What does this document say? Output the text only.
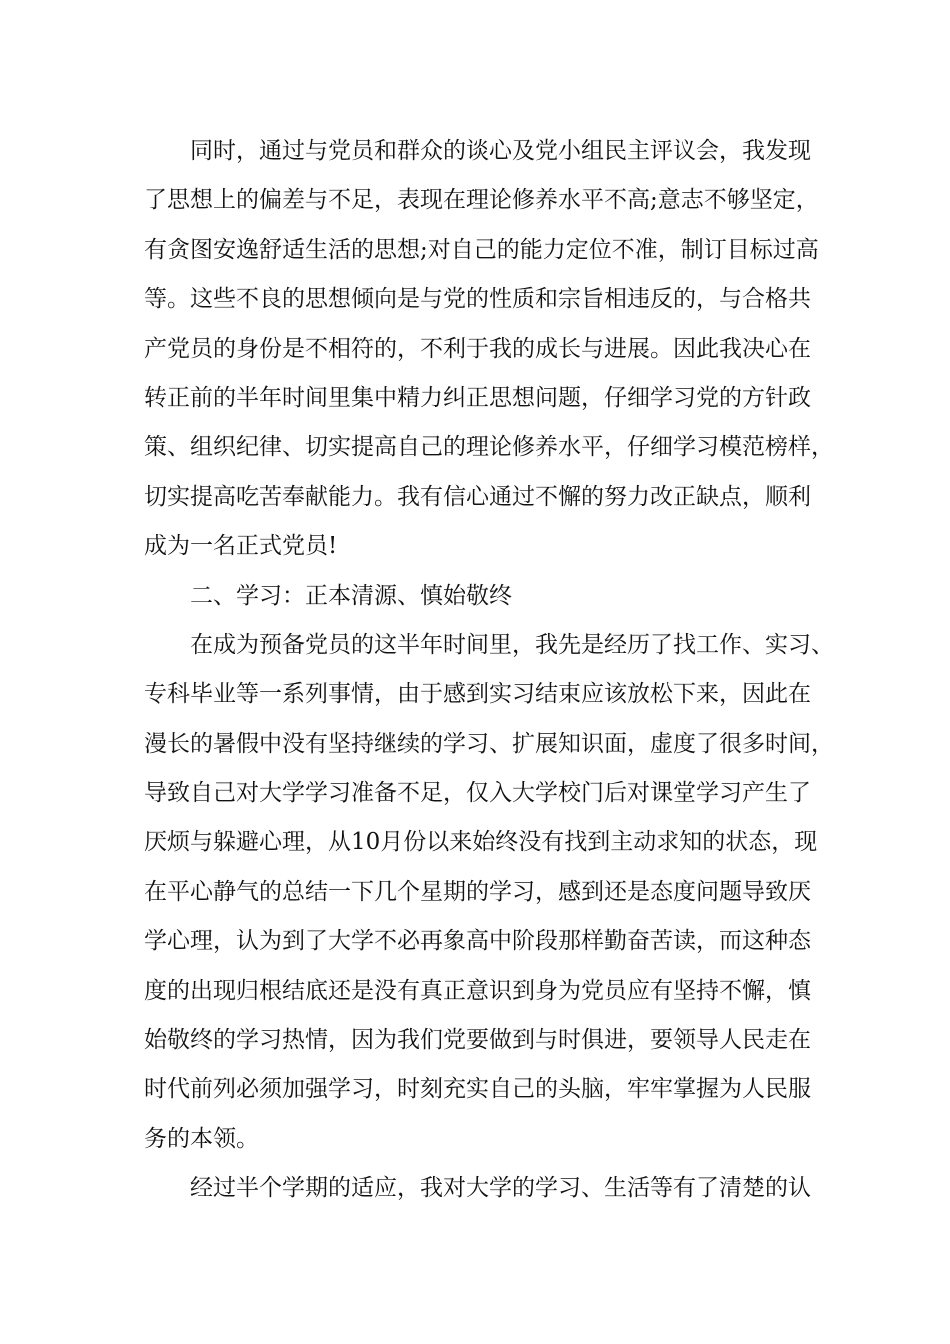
同时，通过与党员和群众的谈心及党小组民主评议会，我发现
了思想上的偏差与不足，表现在理论修养水平不高;意志不够坚定，
有贪图安逸舒适生活的思想;对自己的能力定位不准，制订目标过高
等。这些不良的思想倾向是与党的性质和宗旨相违反的，与合格共
产党员的身份是不相符的，不利于我的成长与进展。因此我决心在
转正前的半年时间里集中精力纠正思想问题，仔细学习党的方针政
策、组织纪律、切实提高自己的理论修养水平，仔细学习模范榜样，
切实提高吃苦奉献能力。我有信心通过不懈的努力改正缺点，顺利
成为一名正式党员!
二、学习：正本清源、慎始敬终
在成为预备党员的这半年时间里，我先是经历了找工作、实习、
专科毕业等一系列事情，由于感到实习结束应该放松下来，因此在
漫长的暑假中没有坚持继续的学习、扩展知识面，虚度了很多时间，
导致自己对大学学习准备不足，仅入大学校门后对课堂学习产生了
厌烦与躲避心理，从10月份以来始终没有找到主动求知的状态，现
在平心静气的总结一下几个星期的学习，感到还是态度问题导致厌
学心理，认为到了大学不必再象高中阶段那样勤奋苦读，而这种态
度的出现归根结底还是没有真正意识到身为党员应有坚持不懈，慎
始敬终的学习热情，因为我们党要做到与时俱进，要领导人民走在
时代前列必须加强学习，时刻充实自己的头脑，牢牢掌握为人民服
务的本领。
经过半个学期的适应，我对大学的学习、生活等有了清楚的认
